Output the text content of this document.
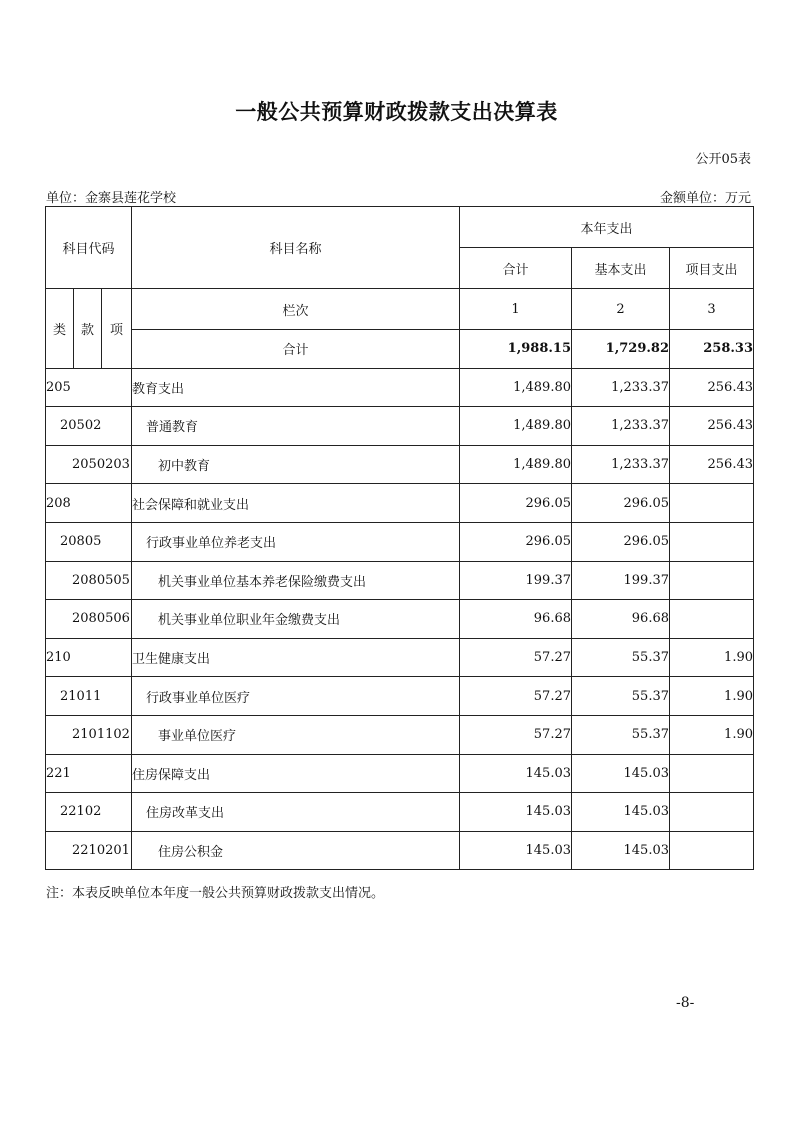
一般公共预算财政拨款支出决算表
公开05表
单位：金寨县莲花学校	金额单位：万元
科目代码			科目名称	本年支出		
				合计	基本支出	项目支出
类	款	项	栏次	1	2	3
			合计	1,988.15	1,729.82	258.33
205			教育支出	1,489.80	1,233.37	256.43
20502			普通教育	1,489.80	1,233.37	256.43
2050203			初中教育	1,489.80	1,233.37	256.43
208			社会保障和就业支出	296.05	296.05	
20805			行政事业单位养老支出	296.05	296.05	
2080505			机关事业单位基本养老保险缴费支出	199.37	199.37	
2080506			机关事业单位职业年金缴费支出	96.68	96.68	
210			卫生健康支出	57.27	55.37	1.90
21011			行政事业单位医疗	57.27	55.37	1.90
2101102			事业单位医疗	57.27	55.37	1.90
221			住房保障支出	145.03	145.03	
22102			住房改革支出	145.03	145.03	
2210201			住房公积金	145.03	145.03	
注：本表反映单位本年度一般公共预算财政拨款支出情况。
-8-
